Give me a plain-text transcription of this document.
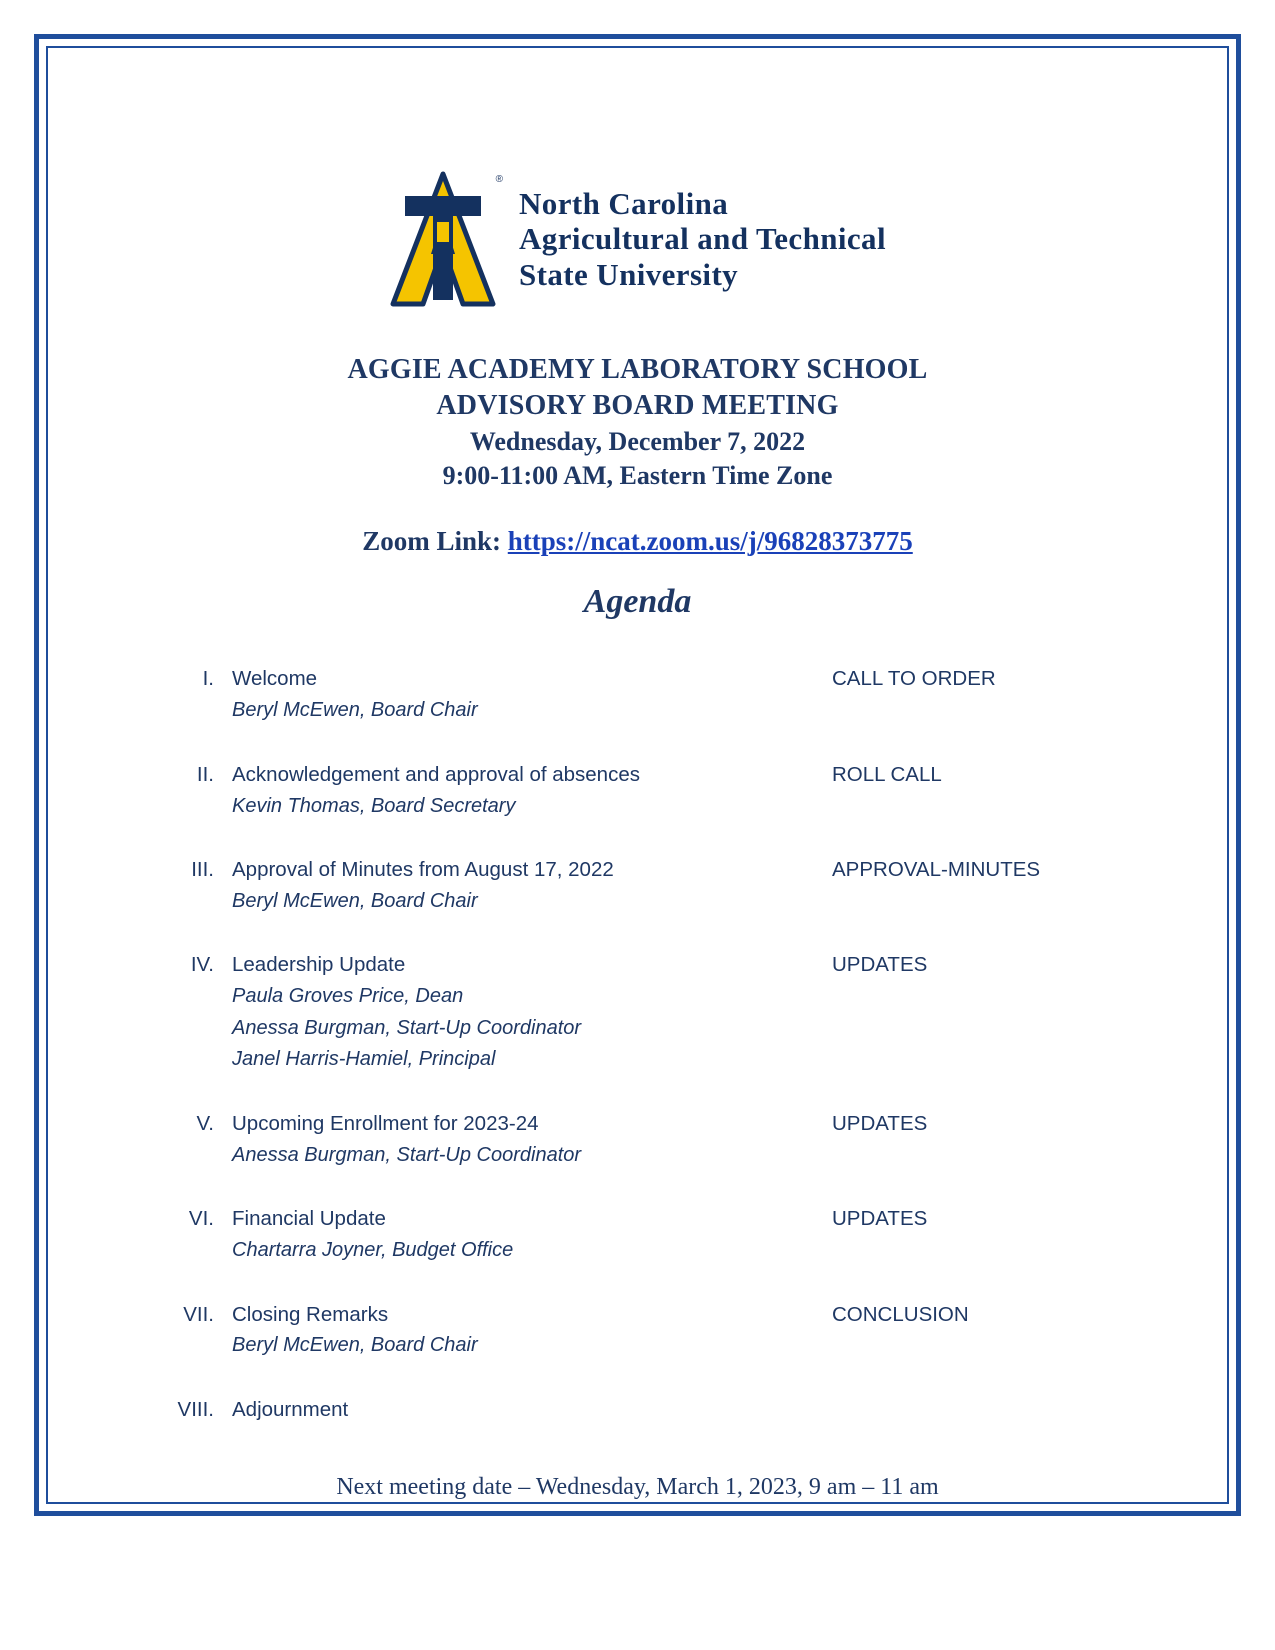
®
North Carolina
Agricultural and Technical
State University
AGGIE ACADEMY LABORATORY SCHOOL
ADVISORY BOARD MEETING
Wednesday, December 7, 2022
9:00-11:00 AM, Eastern Time Zone
Zoom Link: https://ncat.zoom.us/j/96828373775
Agenda
I. Welcome	CALL TO ORDER
Beryl McEwen, Board Chair
II. Acknowledgement and approval of absences	ROLL CALL
Kevin Thomas, Board Secretary
III. Approval of Minutes from August 17, 2022	APPROVAL-MINUTES
Beryl McEwen, Board Chair
IV. Leadership Update	UPDATES
Paula Groves Price, Dean
Anessa Burgman, Start-Up Coordinator
Janel Harris-Hamiel, Principal
V. Upcoming Enrollment for 2023-24	UPDATES
Anessa Burgman, Start-Up Coordinator
VI. Financial Update	UPDATES
Chartarra Joyner, Budget Office
VII. Closing Remarks	CONCLUSION
Beryl McEwen, Board Chair
VIII. Adjournment
Next meeting date – Wednesday, March 1, 2023, 9 am – 11 am
